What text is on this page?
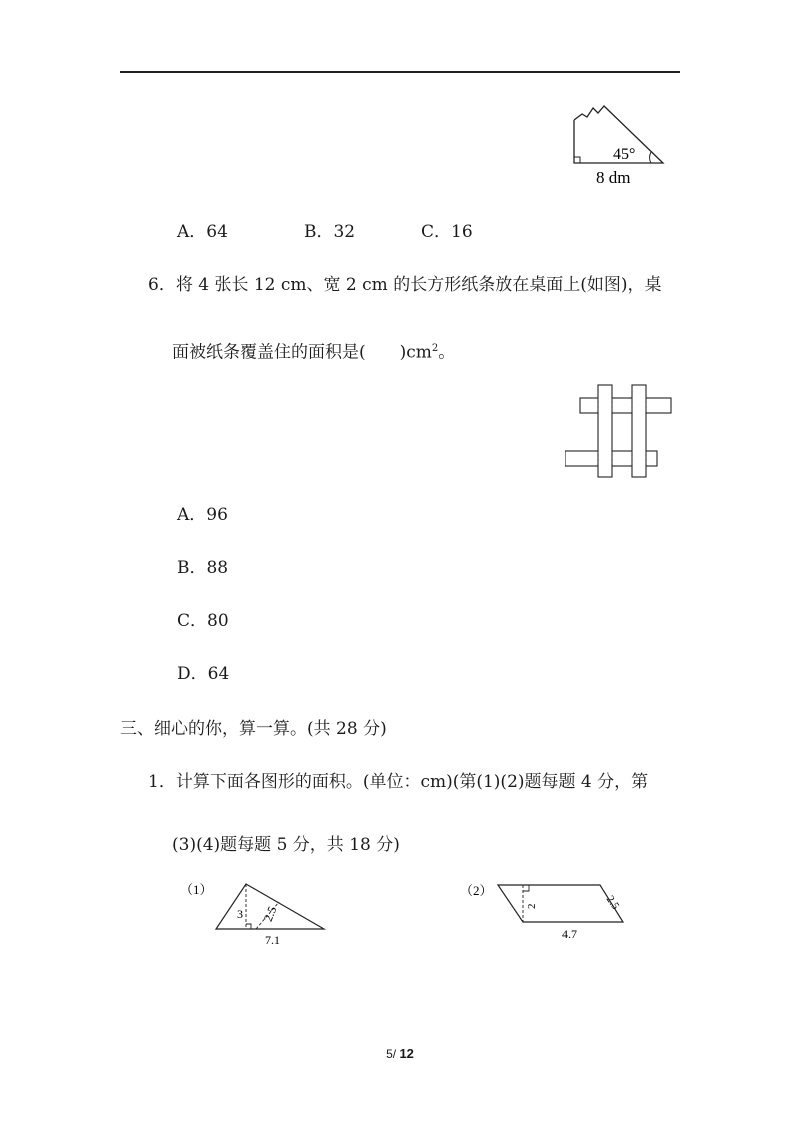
45°
8 dm
A．64	B．32	C．16
6．将 4 张长 12 cm、宽 2 cm 的长方形纸条放在桌面上(如图)，桌
面被纸条覆盖住的面积是(　　)$cm^2$。
A．96
B．88
C．80
D．64
三、细心的你，算一算。(共 28 分)
1．计算下面各图形的面积。(单位：cm)(第(1)(2)题每题 4 分，第
(3)(4)题每题 5 分，共 18 分)
（1）
3 2.5
7.1
（2）
2	2.5
4.7
5/ 12
